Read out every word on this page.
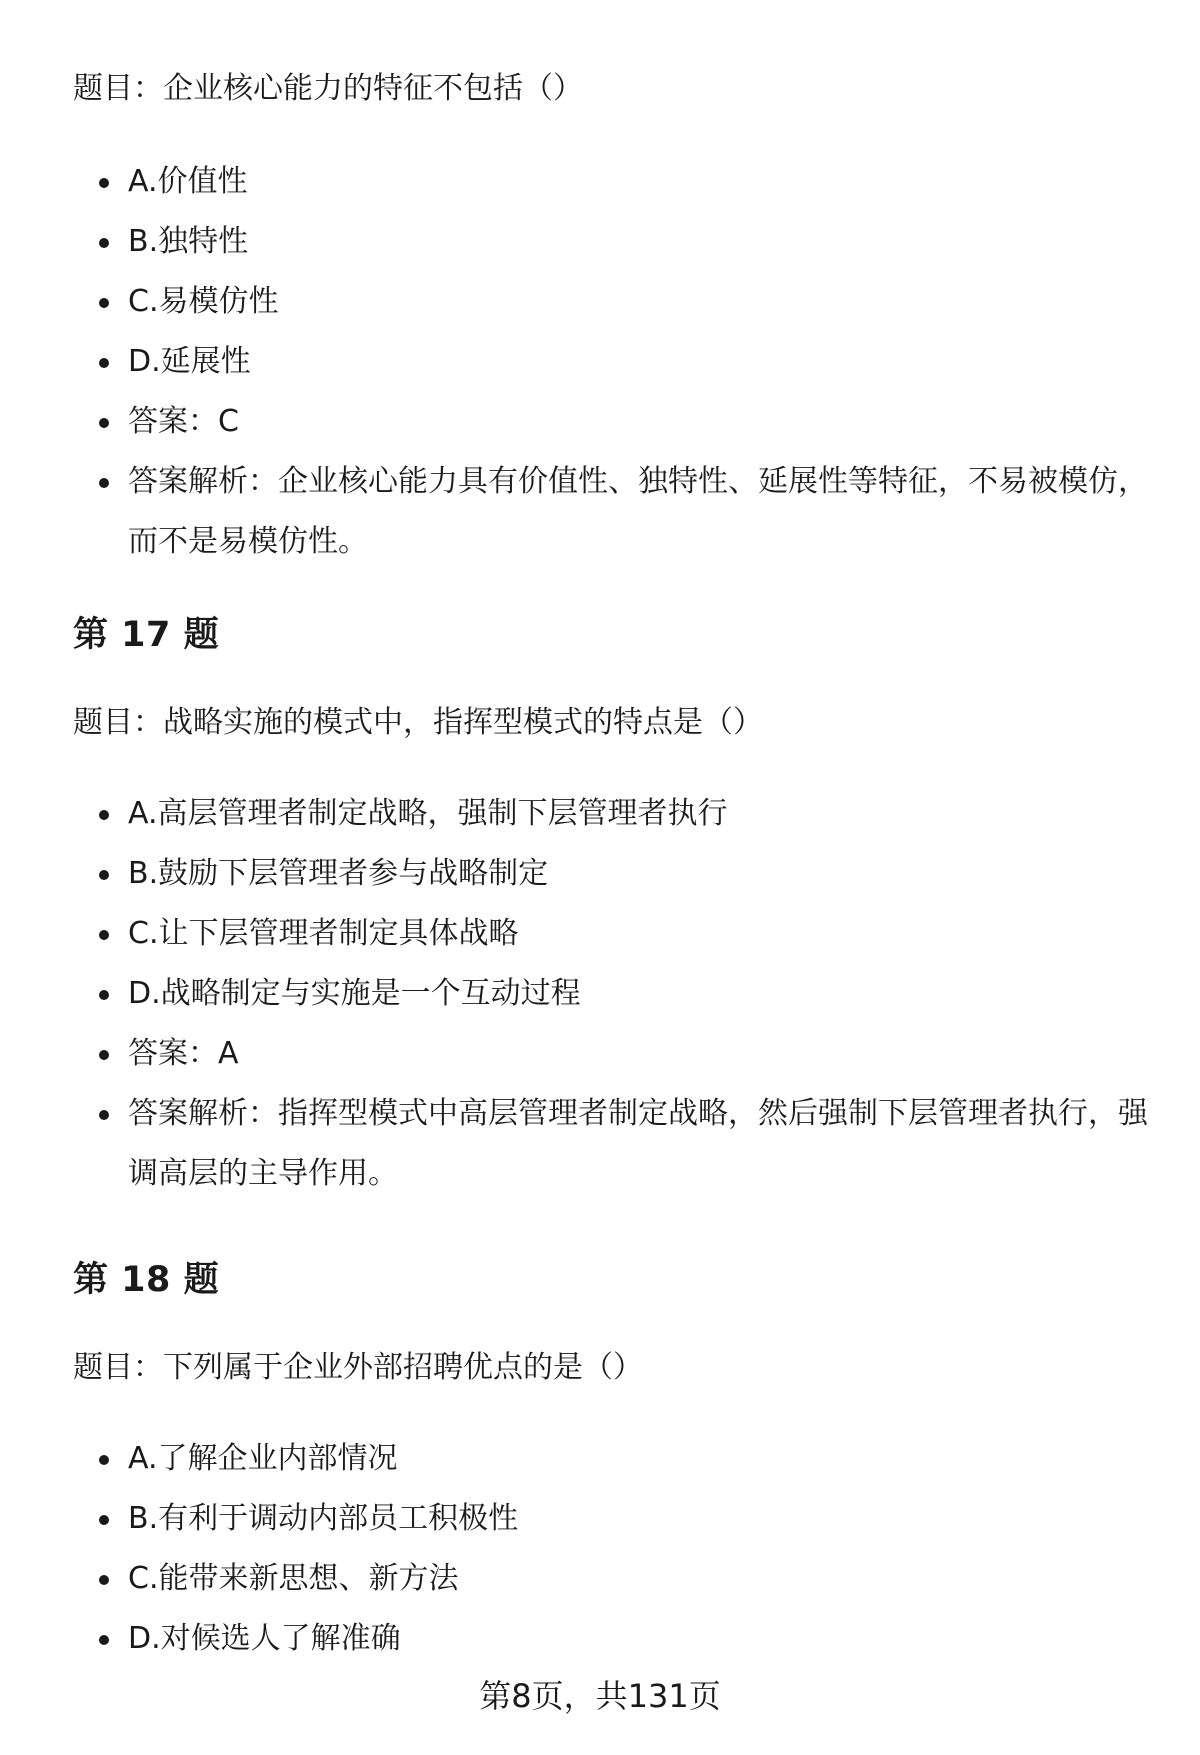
题目：企业核心能力的特征不包括（）

A.价值性
B.独特性
C.易模仿性
D.延展性
答案：C
答案解析：企业核心能力具有价值性、独特性、延展性等特征，不易被模仿，而不是易模仿性。
第 17 题

题目：战略实施的模式中，指挥型模式的特点是（）

A.高层管理者制定战略，强制下层管理者执行
B.鼓励下层管理者参与战略制定
C.让下层管理者制定具体战略
D.战略制定与实施是一个互动过程
答案：A
答案解析：指挥型模式中高层管理者制定战略，然后强制下层管理者执行，强调高层的主导作用。
第 18 题

题目：下列属于企业外部招聘优点的是（）

A.了解企业内部情况
B.有利于调动内部员工积极性
C.能带来新思想、新方法
D.对候选人了解准确
第8页，共131页
